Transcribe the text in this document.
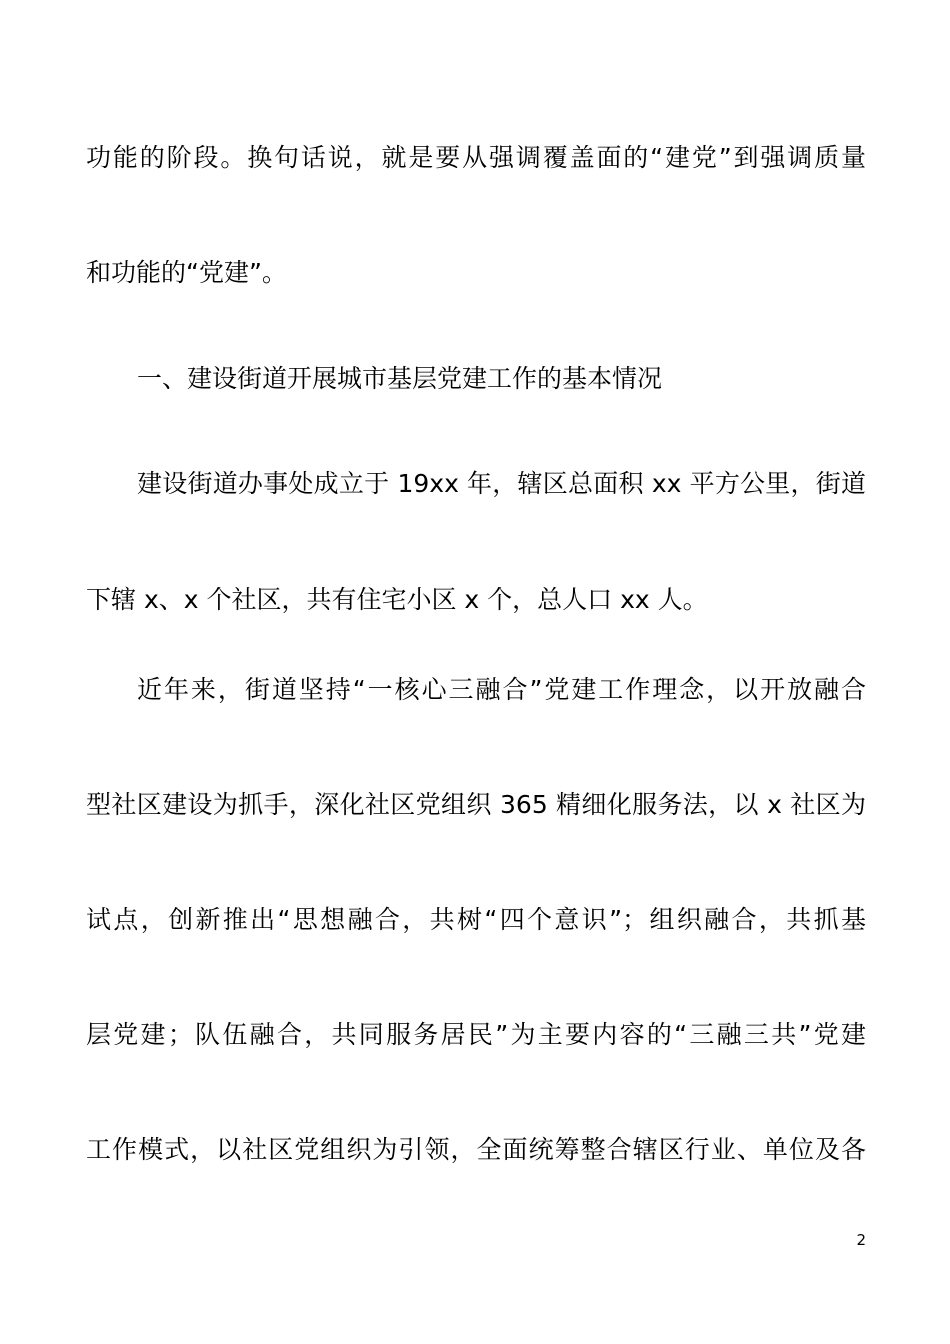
功能的阶段。换句话说，就是要从强调覆盖面的“建党”到强调质量
和功能的“党建”。
一、建设街道开展城市基层党建工作的基本情况
建设街道办事处成立于 19xx 年，辖区总面积 xx 平方公里，街道
下辖 x、x 个社区，共有住宅小区 x 个，总人口 xx 人。
近年来，街道坚持“一核心三融合”党建工作理念，以开放融合
型社区建设为抓手，深化社区党组织 365 精细化服务法，以 x 社区为
试点，创新推出“思想融合，共树“四个意识”；组织融合，共抓基
层党建；队伍融合，共同服务居民”为主要内容的“三融三共”党建
工作模式，以社区党组织为引领，全面统筹整合辖区行业、单位及各
2
